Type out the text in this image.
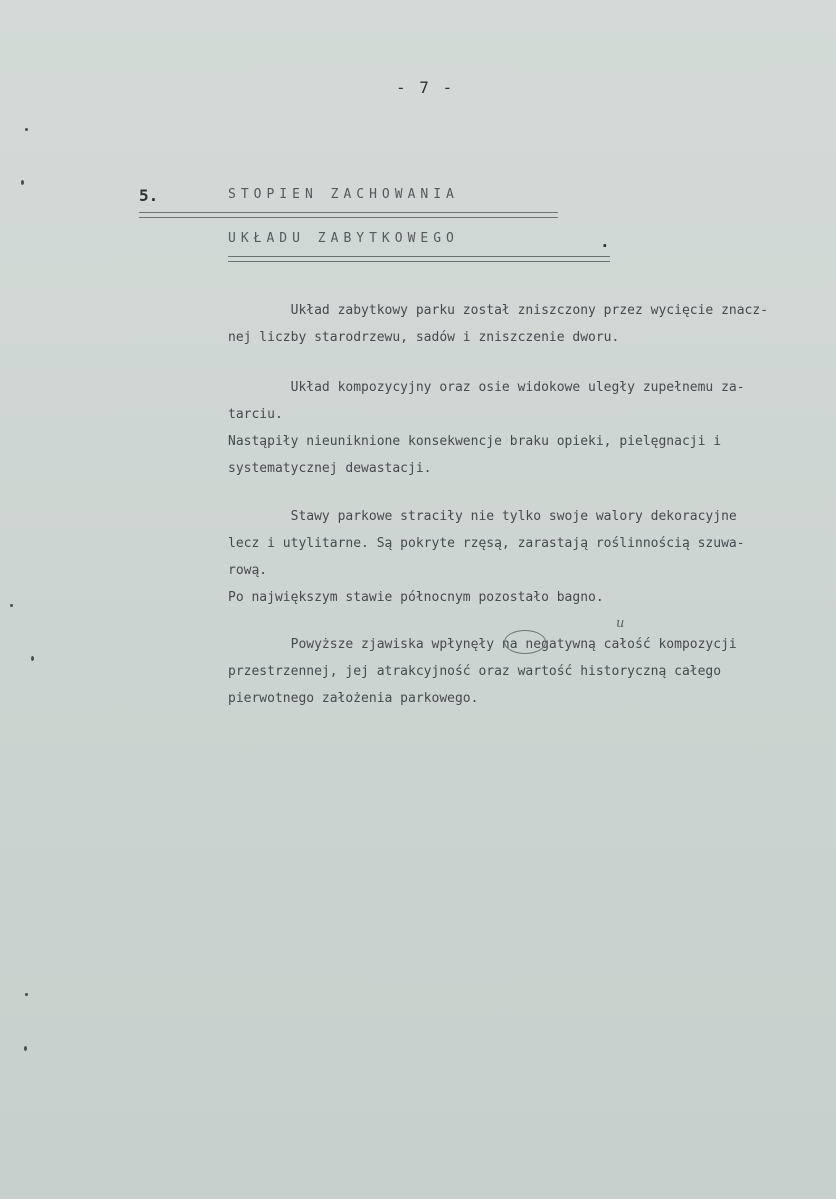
- 7 -
5.	STOPIEN ZACHOWANIA
UKŁADU ZABYTKOWEGO	.
Układ zabytkowy parku został zniszczony przez wycięcie znacz-
nej liczby starodrzewu, sadów i zniszczenie dworu.
Układ kompozycyjny oraz osie widokowe uległy zupełnemu za-
tarciu.
Nastąpiły nieuniknione konsekwencje braku opieki, pielęgnacji i
systematycznej dewastacji.
Stawy parkowe straciły nie tylko swoje walory dekoracyjne
lecz i utylitarne. Są pokryte rzęsą, zarastają roślinnością szuwa-
rową.
Po największym stawie północnym pozostało bagno.
Powyższe zjawiska wpłynęły na negatywną całość kompozycji
przestrzennej, jej atrakcyjność oraz wartość historyczną całego
pierwotnego założenia parkowego.
u
